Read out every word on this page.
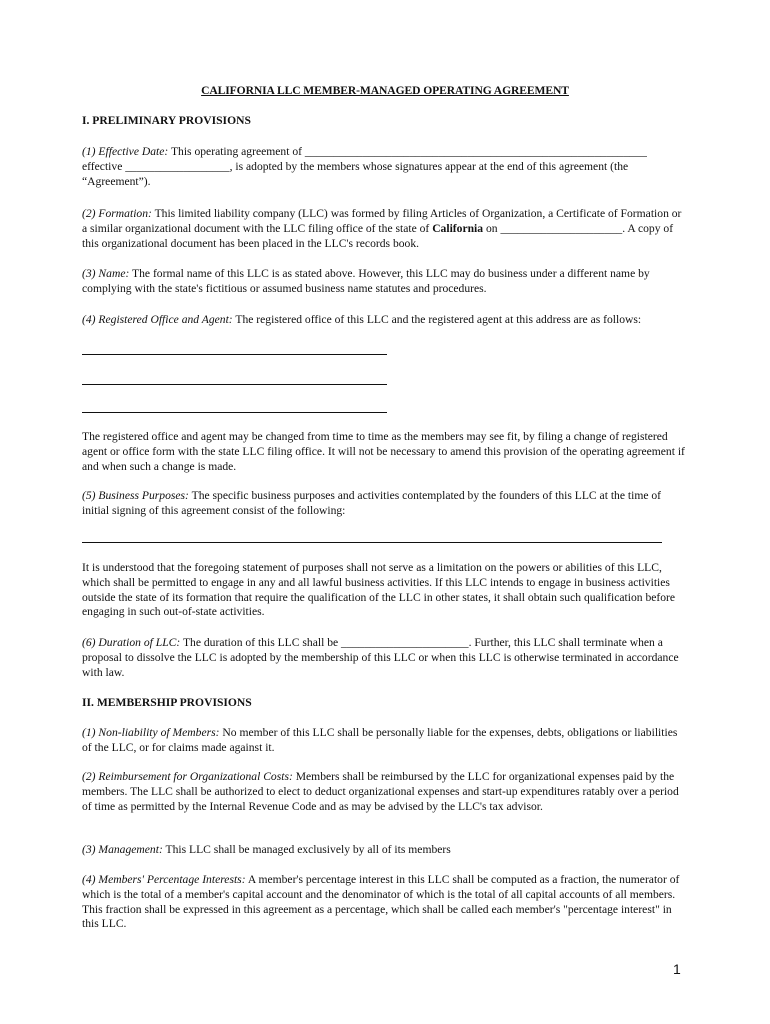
CALIFORNIA LLC MEMBER-MANAGED OPERATING AGREEMENT
I. PRELIMINARY PROVISIONS
(1) Effective Date: This operating agreement of ___________________________________________________________
effective __________________, is adopted by the members whose signatures appear at the end of this agreement (the
“Agreement”).
(2) Formation: This limited liability company (LLC) was formed by filing Articles of Organization, a Certificate of Formation or a similar organizational document with the LLC filing office of the state of California on _____________________. A copy of this organizational document has been placed in the LLC's records book.
(3) Name: The formal name of this LLC is as stated above. However, this LLC may do business under a different name by complying with the state's fictitious or assumed business name statutes and procedures.
(4) Registered Office and Agent: The registered office of this LLC and the registered agent at this address are as follows:
The registered office and agent may be changed from time to time as the members may see fit, by filing a change of registered agent or office form with the state LLC filing office. It will not be necessary to amend this provision of the operating agreement if and when such a change is made.
(5) Business Purposes: The specific business purposes and activities contemplated by the founders of this LLC at the time of initial signing of this agreement consist of the following:
It is understood that the foregoing statement of purposes shall not serve as a limitation on the powers or abilities of this LLC, which shall be permitted to engage in any and all lawful business activities. If this LLC intends to engage in business activities outside the state of its formation that require the qualification of the LLC in other states, it shall obtain such qualification before engaging in such out-of-state activities.
(6) Duration of LLC: The duration of this LLC shall be ______________________. Further, this LLC shall terminate when a proposal to dissolve the LLC is adopted by the membership of this LLC or when this LLC is otherwise terminated in accordance with law.
II. MEMBERSHIP PROVISIONS
(1) Non-liability of Members: No member of this LLC shall be personally liable for the expenses, debts, obligations or liabilities of the LLC, or for claims made against it.
(2) Reimbursement for Organizational Costs: Members shall be reimbursed by the LLC for organizational expenses paid by the members. The LLC shall be authorized to elect to deduct organizational expenses and start-up expenditures ratably over a period of time as permitted by the Internal Revenue Code and as may be advised by the LLC's tax advisor.
(3) Management: This LLC shall be managed exclusively by all of its members
(4) Members' Percentage Interests: A member's percentage interest in this LLC shall be computed as a fraction, the numerator of which is the total of a member's capital account and the denominator of which is the total of all capital accounts of all members. This fraction shall be expressed in this agreement as a percentage, which shall be called each member's "percentage interest" in this LLC.
1
